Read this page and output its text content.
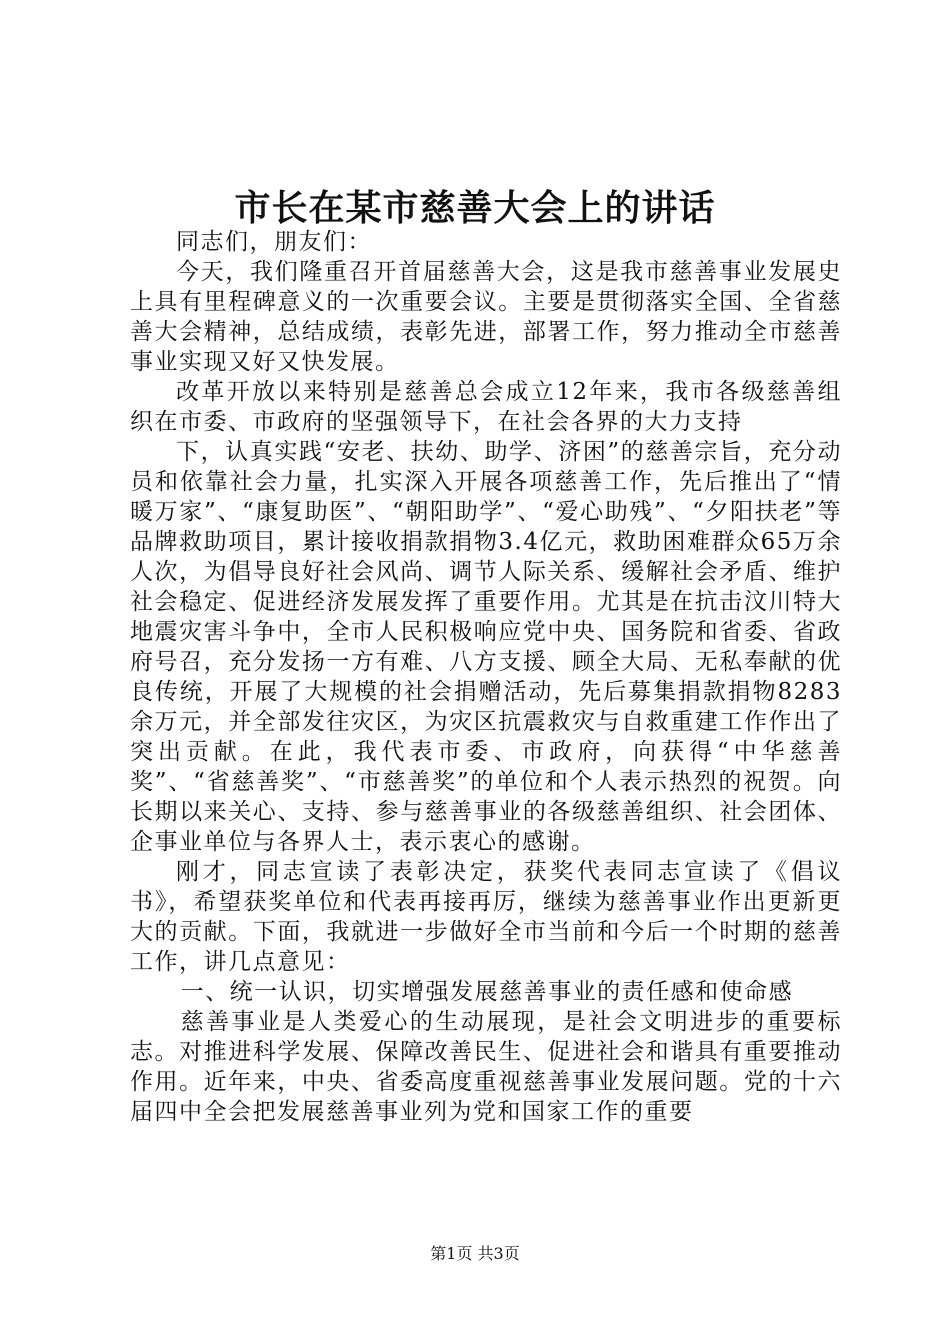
市长在某市慈善大会上的讲话

同志们，朋友们：

今天，我们隆重召开首届慈善大会，这是我市慈善事业发展史上具有里程碑意义的一次重要会议。主要是贯彻落实全国、全省慈善大会精神，总结成绩，表彰先进，部署工作，努力推动全市慈善事业实现又好又快发展。

改革开放以来特别是慈善总会成立12年来，我市各级慈善组织在市委、市政府的坚强领导下，在社会各界的大力支持

下，认真实践“安老、扶幼、助学、济困”的慈善宗旨，充分动员和依靠社会力量，扎实深入开展各项慈善工作，先后推出了“情暖万家”、“康复助医”、“朝阳助学”、“爱心助残”、“夕阳扶老”等品牌救助项目，累计接收捐款捐物3.4亿元，救助困难群众65万余人次，为倡导良好社会风尚、调节人际关系、缓解社会矛盾、维护社会稳定、促进经济发展发挥了重要作用。尤其是在抗击汶川特大地震灾害斗争中，全市人民积极响应党中央、国务院和省委、省政府号召，充分发扬一方有难、八方支援、顾全大局、无私奉献的优良传统，开展了大规模的社会捐赠活动，先后募集捐款捐物8283余万元，并全部发往灾区，为灾区抗震救灾与自救重建工作作出了突出贡献。在此，我代表市委、市政府，向获得“中华慈善奖”、“省慈善奖”、“市慈善奖”的单位和个人表示热烈的祝贺。向长期以来关心、支持、参与慈善事业的各级慈善组织、社会团体、企事业单位与各界人士，表示衷心的感谢。

刚才，同志宣读了表彰决定，获奖代表同志宣读了《倡议书》，希望获奖单位和代表再接再厉，继续为慈善事业作出更新更大的贡献。下面，我就进一步做好全市当前和今后一个时期的慈善工作，讲几点意见：

一、统一认识，切实增强发展慈善事业的责任感和使命感

慈善事业是人类爱心的生动展现，是社会文明进步的重要标志。对推进科学发展、保障改善民生、促进社会和谐具有重要推动作用。近年来，中央、省委高度重视慈善事业发展问题。党的十六届四中全会把发展慈善事业列为党和国家工作的重要

第1页 共3页
